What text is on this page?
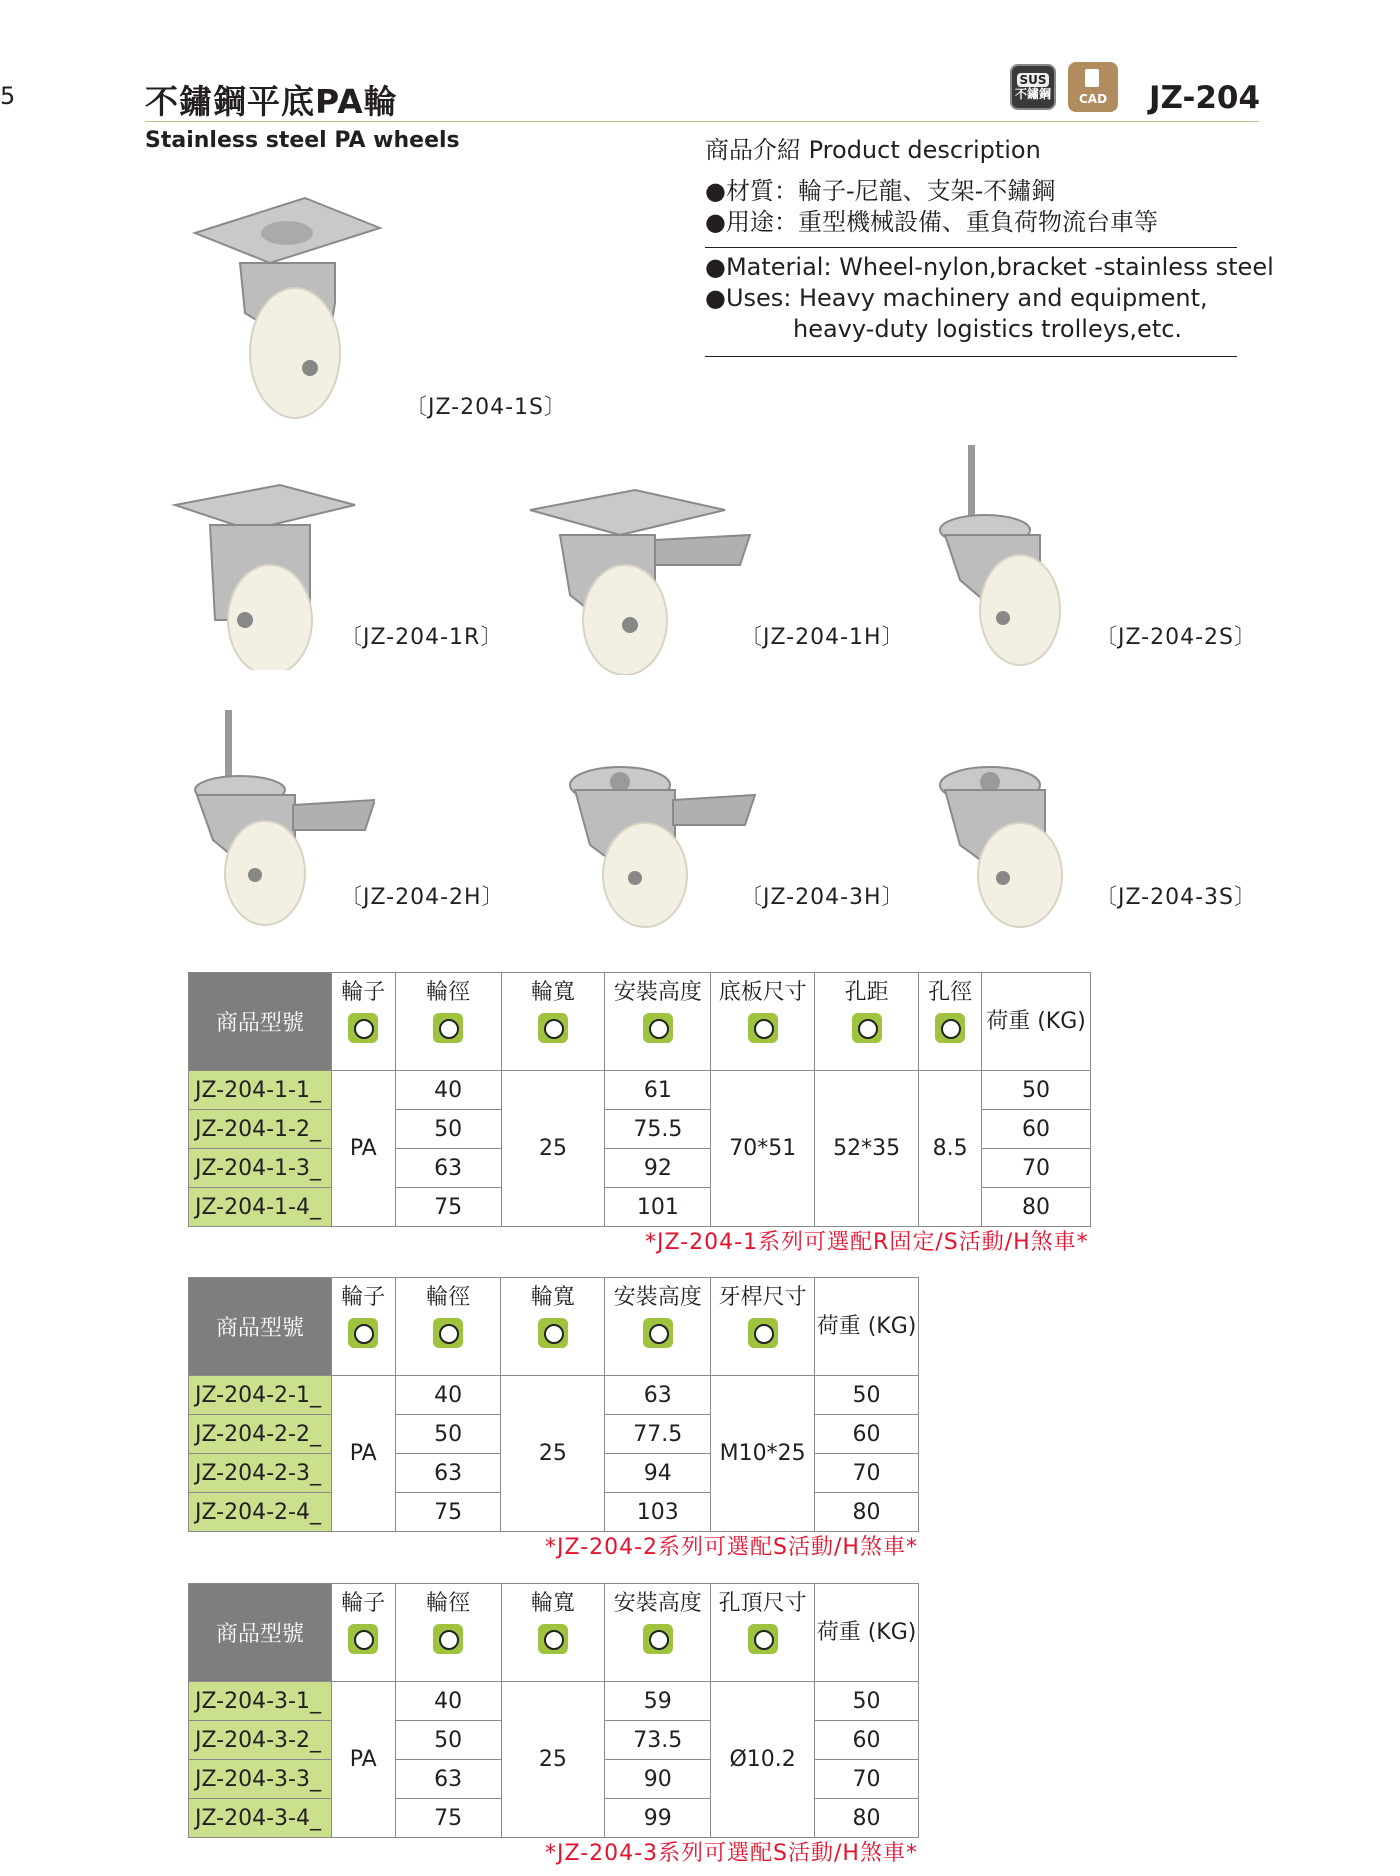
5	不鏽鋼平底PA輪
Stainless steel PA wheels
SUS
不鏽鋼	CAD	JZ-204
商品介紹 Product description
●材質：輪子-尼龍、支架-不鏽鋼
●用途：重型機械設備、重負荷物流台車等
●Material: Wheel-nylon,bracket -stainless steel
●Uses: Heavy machinery and equipment,
heavy-duty logistics trolleys,etc.
〔JZ-204-1S〕
〔JZ-204-1R〕	〔JZ-204-1H〕	〔JZ-204-2S〕
〔JZ-204-2H〕	〔JZ-204-3H〕	〔JZ-204-3S〕
商品型號	輪子	輪徑	輪寬	安裝高度	底板尺寸	孔距	孔徑	荷重 (KG)
JZ-204-1-1_	PA	40	25	61	70*51	52*35	8.5	50
JZ-204-1-2_		50		75.5				60
JZ-204-1-3_		63		92				70
JZ-204-1-4_		75		101				80
*JZ-204-1系列可選配R固定/S活動/H煞車*
商品型號	輪子	輪徑	輪寬	安裝高度	牙桿尺寸	荷重 (KG)
JZ-204-2-1_	PA	40	25	63	M10*25	50
JZ-204-2-2_		50		77.5		60
JZ-204-2-3_		63		94		70
JZ-204-2-4_		75		103		80
*JZ-204-2系列可選配S活動/H煞車*
商品型號	輪子	輪徑	輪寬	安裝高度	孔頂尺寸	荷重 (KG)
JZ-204-3-1_	PA	40	25	59	Ø10.2	50
JZ-204-3-2_		50		73.5		60
JZ-204-3-3_		63		90		70
JZ-204-3-4_		75		99		80
*JZ-204-3系列可選配S活動/H煞車*
